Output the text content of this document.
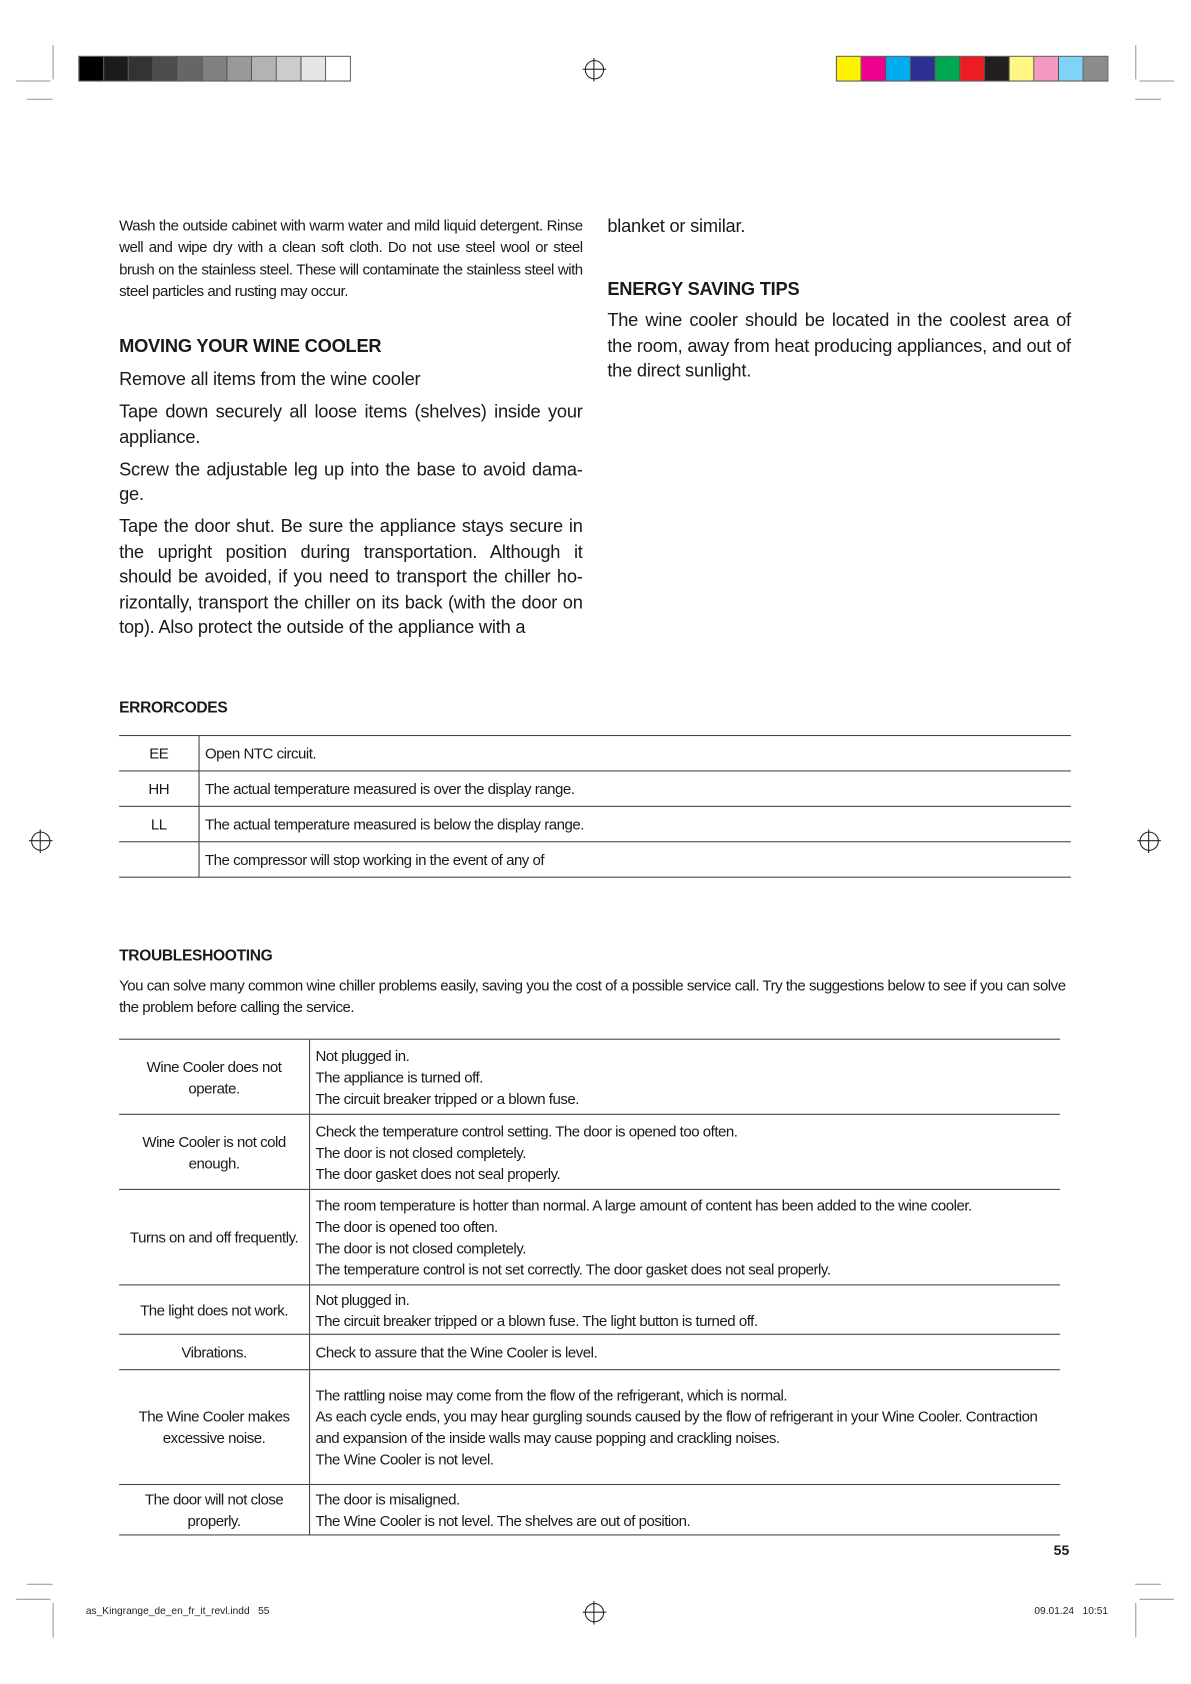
Wash the outside cabinet with warm water and mild liquid detergent. Rinse well and wipe dry with a clean soft cloth. Do not use steel wool or steel brush on the stainless steel. These will contaminate the stainless steel with steel particles and rusting may occur.
MOVING YOUR WINE COOLER

Remove all items from the wine cooler

Tape down securely all loose items (shelves) inside your appliance.

Screw the adjustable leg up into the base to avoid dama-ge.

Tape the door shut. Be sure the appliance stays secure in the upright position during transportation. Although it should be avoided, if you need to transport the chiller ho-rizontally, transport the chiller on its back (with the door on top). Also protect the outside of the appliance with a

blanket or similar.
ENERGY SAVING TIPS
The wine cooler should be located in the coolest area of the room, away from heat producing appliances, and out of the direct sunlight.
ERRORCODES
EE	Open NTC circuit.
HH	The actual temperature measured is over the display range.
LL	The actual temperature measured is below the display range.
	The compressor will stop working in the event of any of
TROUBLESHOOTING
You can solve many common wine chiller problems easily, saving you the cost of a possible service call. Try the suggestions below to see if you can solve the problem before calling the service.
Wine Cooler does not operate.	Not plugged in.
The appliance is turned off.
The circuit breaker tripped or a blown fuse.

Wine Cooler is not cold enough.	Check the temperature control setting. The door is opened too often.
The door is not closed completely.
The door gasket does not seal properly.

Turns on and off frequently.	The room temperature is hotter than normal. A large amount of content has been added to the wine cooler.
The door is opened too often.
The door is not closed completely.
The temperature control is not set correctly. The door gasket does not seal properly.

The light does not work.	Not plugged in.
The circuit breaker tripped or a blown fuse. The light button is turned off.

Vibrations.	Check to assure that the Wine Cooler is level.

The Wine Cooler makes excessive noise.	The rattling noise may come from the flow of the refrigerant, which is normal.
As each cycle ends, you may hear gurgling sounds caused by the flow of refrigerant in your Wine Cooler. Contraction and expansion of the inside walls may cause popping and crackling noises.
The Wine Cooler is not level.

The door will not close properly.	The door is misaligned.
The Wine Cooler is not level. The shelves are out of position.
55
as_Kingrange_de_en_fr_it_revl.indd   55	09.01.24   10:51
